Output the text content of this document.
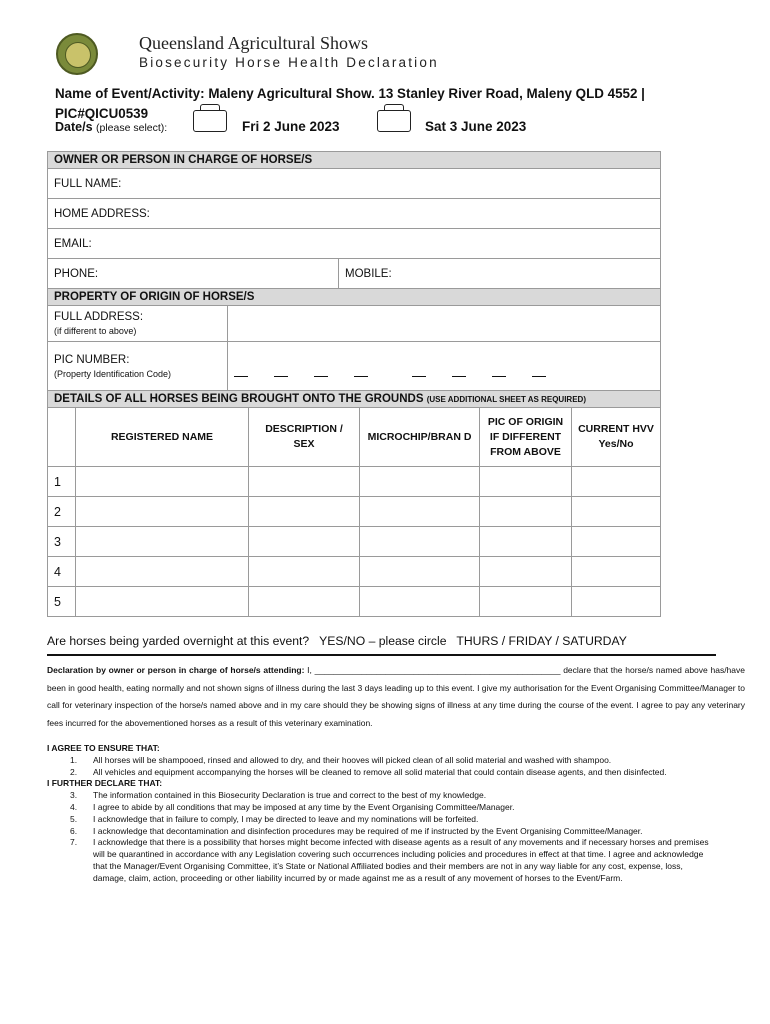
Queensland Agricultural Shows
Biosecurity Horse Health Declaration
Name of Event/Activity: Maleny Agricultural Show. 13 Stanley River Road, Maleny QLD 4552 |
PIC#QICU0539
Date/s (please select):	Fri 2 June 2023	Sat 3 June 2023
OWNER OR PERSON IN CHARGE OF HORSE/S
FULL NAME:
HOME ADDRESS:
EMAIL:
PHONE:	MOBILE:
PROPERTY OF ORIGIN OF HORSE/S
FULL ADDRESS:
(if different to above)	

PIC NUMBER:
(Property Identification Code)	

DETAILS OF ALL HORSES BEING BROUGHT ONTO THE GROUNDS (USE ADDITIONAL SHEET AS REQUIRED)					
	REGISTERED NAME	DESCRIPTION / SEX	MICROCHIP/BRAN D	PIC OF ORIGIN IF DIFFERENT FROM ABOVE	CURRENT HVV Yes/No
1					
2					
3					
4					
5					
Are horses being yarded overnight at this event?   YES/NO – please circle   THURS / FRIDAY / SATURDAY
Declaration by owner or person in charge of horse/s attending: I, ____________________________________________________ declare that the horse/s named above has/have been in good health, eating normally and not shown signs of illness during the last 3 days leading up to this event. I give my authorisation for the Event Organising Committee/Manager to call for veterinary inspection of the horse/s named above and in my care should they be showing signs of illness at any time during the course of the event. I agree to pay any veterinary fees incurred for the abovementioned horses as a result of this veterinary examination.
I AGREE TO ENSURE THAT:
1. All horses will be shampooed, rinsed and allowed to dry, and their hooves will picked clean of all solid material and washed with shampoo.
2. All vehicles and equipment accompanying the horses will be cleaned to remove all solid material that could contain disease agents, and then disinfected.
I FURTHER DECLARE THAT:
3. The information contained in this Biosecurity Declaration is true and correct to the best of my knowledge.
4. I agree to abide by all conditions that may be imposed at any time by the Event Organising Committee/Manager.
5. I acknowledge that in failure to comply, I may be directed to leave and my nominations will be forfeited.
6. I acknowledge that decontamination and disinfection procedures may be required of me if instructed by the Event Organising Committee/Manager.
7. I acknowledge that there is a possibility that horses might become infected with disease agents as a result of any movements and if necessary horses and premises will be quarantined in accordance with any Legislation covering such occurrences including policies and procedures in effect at that time. I agree and acknowledge that the Manager/Event Organising Committee, it’s State or National Affiliated bodies and their members are not in any way liable for any cost, expense, loss, damage, claim, action, proceeding or other liability incurred by or made against me as a result of any movement of horses to the Event/Farm.
